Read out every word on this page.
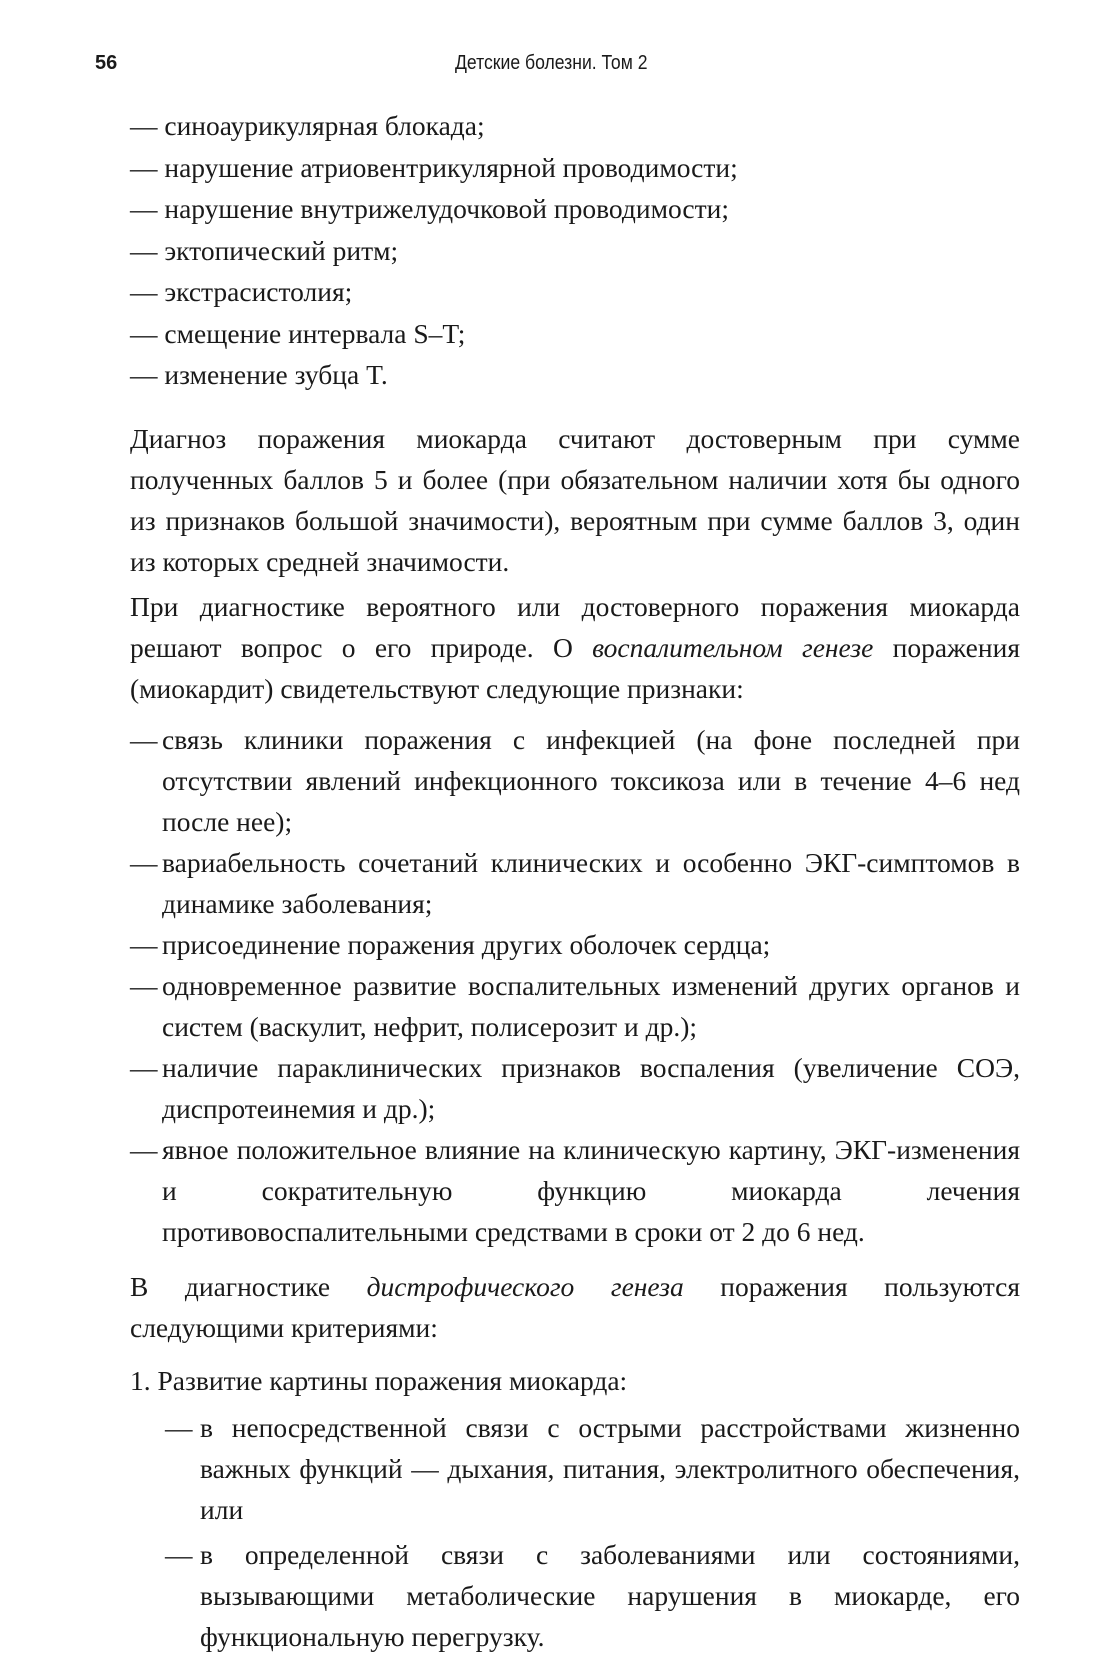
56	Детские болезни. Том 2

— синоаурикулярная блокада;

— нарушение атриовентрикулярной проводимости;

— нарушение внутрижелудочковой проводимости;

— эктопический ритм;

— экстрасистолия;

— смещение интервала S–T;

— изменение зубца T.

Диагноз поражения миокарда считают достоверным при сумме полученных баллов 5 и более (при обязательном наличии хотя бы одного из признаков большой значимости), вероятным при сумме баллов 3, один из которых средней значимости.

При диагностике вероятного или достоверного поражения миокарда решают вопрос о его природе. О воспалительном генезе поражения (миокардит) свидетельствуют следующие признаки:

— связь клиники поражения с инфекцией (на фоне последней при отсутствии явлений инфекционного токсикоза или в течение 4–6 нед после нее);

— вариабельность сочетаний клинических и особенно ЭКГ-симптомов в динамике заболевания;

— присоединение поражения других оболочек сердца;

— одновременное развитие воспалительных изменений других органов и систем (васкулит, нефрит, полисерозит и др.);

— наличие параклинических признаков воспаления (увеличение СОЭ, диспротеинемия и др.);

— явное положительное влияние на клиническую картину, ЭКГ-изменения и сократительную функцию миокарда лечения противовоспалительными средствами в сроки от 2 до 6 нед.

В диагностике дистрофического генеза поражения пользуются следующими критериями:

1. Развитие картины поражения миокарда:

— в непосредственной связи с острыми расстройствами жизненно важных функций — дыхания, питания, электролитного обеспечения, или

— в определенной связи с заболеваниями или состояниями, вызывающими метаболические нарушения в миокарде, его функциональную перегрузку.
